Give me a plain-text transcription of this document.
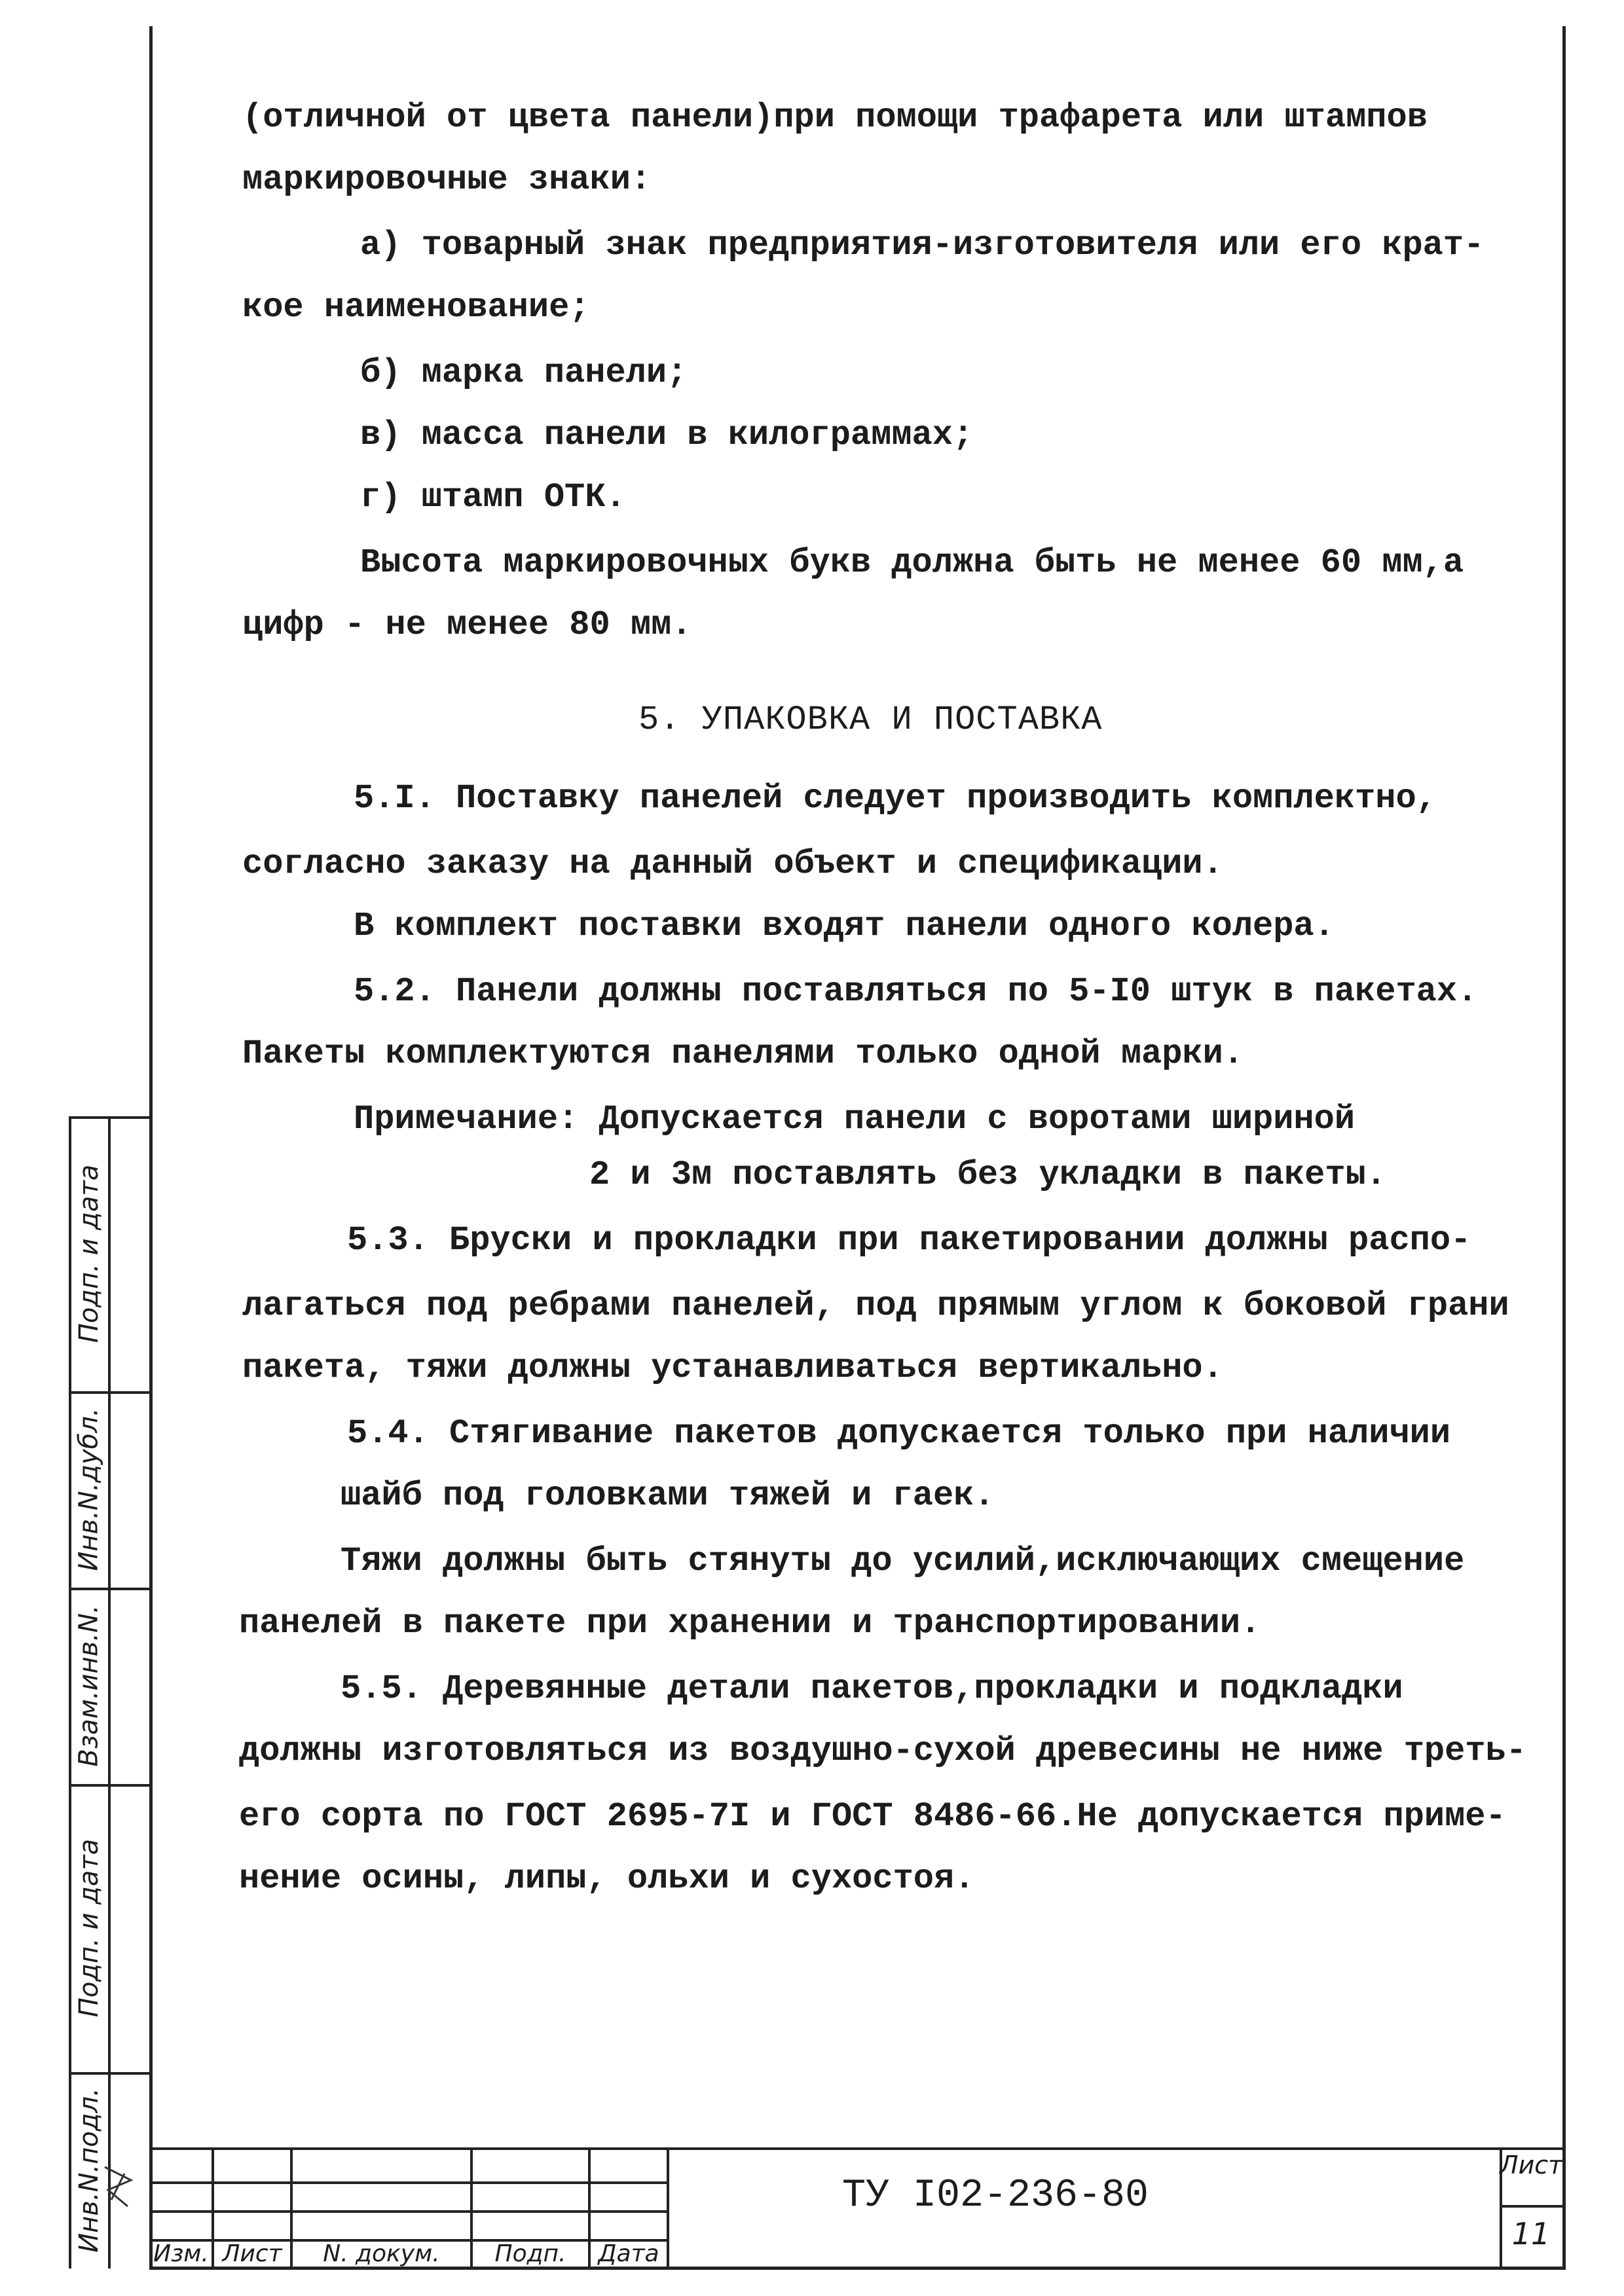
(отличной от цвета панели)при помощи трафарета или штампов
маркировочные знаки:
а) товарный знак предприятия-изготовителя или его крат-
кое наименование;
б) марка панели;
в) масса панели в килограммах;
г) штамп ОТК.
Высота маркировочных букв должна быть не менее 60 мм,а
цифр - не менее 80 мм.
5. УПАКОВКА И ПОСТАВКА
5.I. Поставку панелей следует производить комплектно,
согласно заказу на данный объект и спецификации.
В комплект поставки входят панели одного колера.
5.2. Панели должны поставляться по 5-I0 штук в пакетах.
Пакеты комплектуются панелями только одной марки.
Примечание: Допускается панели с воротами шириной
2 и 3м поставлять без укладки в пакеты.
5.3. Бруски и прокладки при пакетировании должны распо-
лагаться под ребрами панелей, под прямым углом к боковой грани
пакета, тяжи должны устанавливаться вертикально.
5.4. Стягивание пакетов допускается только при наличии
шайб под головками тяжей и гаек.
Тяжи должны быть стянуты до усилий,исключающих смещение
панелей в пакете при хранении и транспортировании.
5.5. Деревянные детали пакетов,прокладки и подкладки
должны изготовляться из воздушно-сухой древесины не ниже треть-
его сорта по ГОСТ 2695-7I и ГОСТ 8486-66.Не допускается приме-
нение осины, липы, ольхи и сухостоя.
Подп. и дата
Инв.N.дубл.
Взам.инв.N.
Подп. и дата
Инв.N.подл.
Изм. Лист	N. докум.	Подп.	Дата
ТУ I02-236-80
Лист
11
